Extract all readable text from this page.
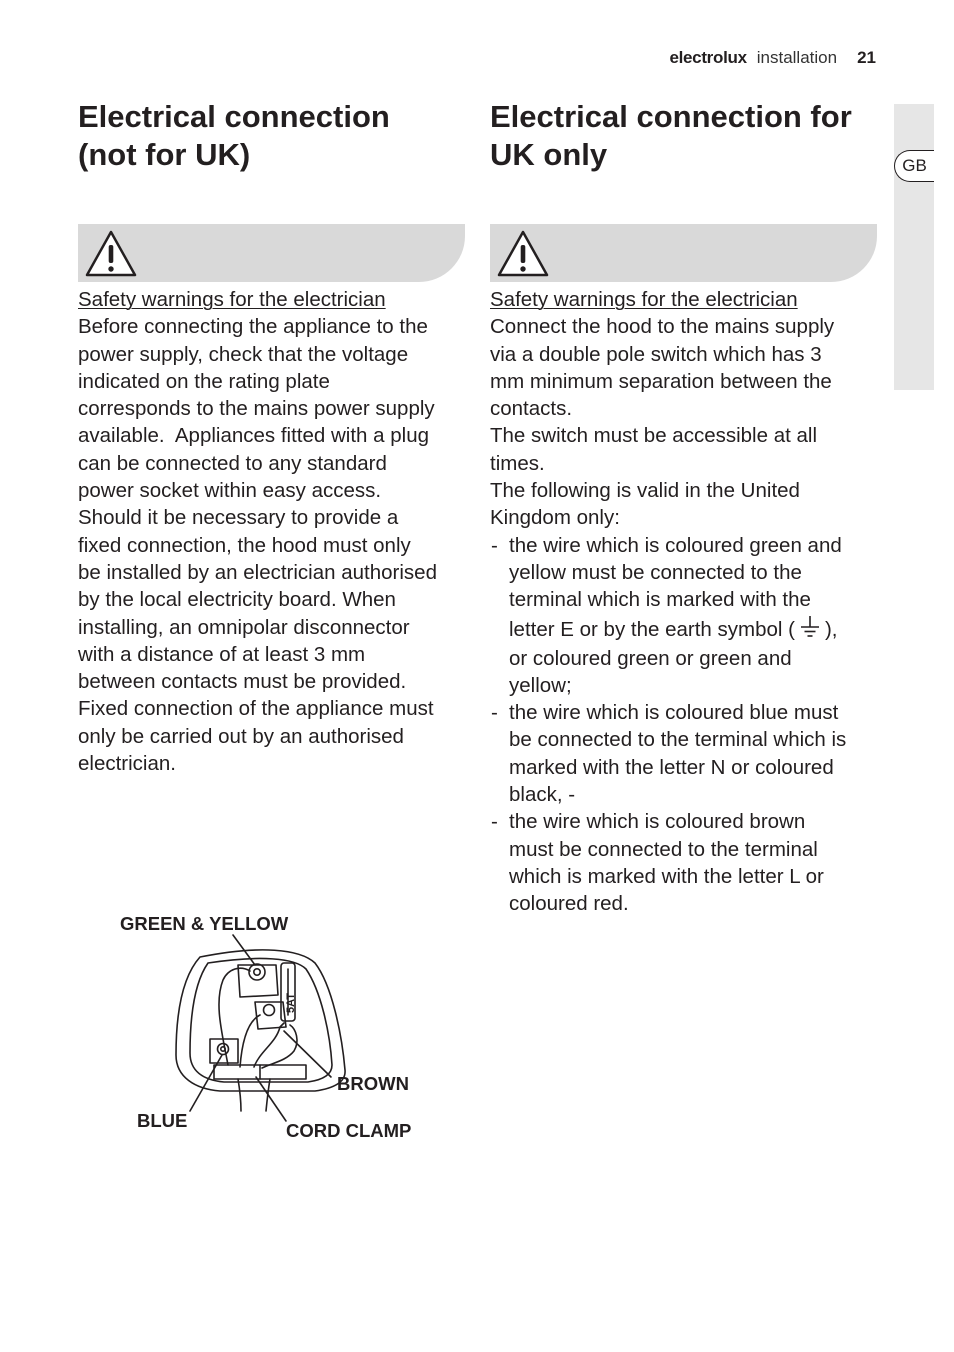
electrolux installation 21
GB
Electrical connection
(not for UK)
Safety warnings for the electrician
Before connecting the appliance to the
power supply, check that the voltage
indicated on the rating plate
corresponds to the mains power supply
available.  Appliances fitted with a plug
can be connected to any standard
power socket within easy access.
Should it be necessary to provide a
fixed connection, the hood must only
be installed by an electrician authorised
by the local electricity board. When
installing, an omnipolar disconnector
with a distance of at least 3 mm
between contacts must be provided.
Fixed connection of the appliance must
only be carried out by an authorised
electrician.
Electrical connection for
UK only
Safety warnings for the electrician
Connect the hood to the mains supply
via a double pole switch which has 3
mm minimum separation between the
contacts.
The switch must be accessible at all
times.
The following is valid in the United
Kingdom only:
- the wire which is coloured green and
yellow must be connected to the
terminal which is marked with the
letter E or by the earth symbol ( ),
or coloured green or green and
yellow;
- the wire which is coloured blue must
be connected to the terminal which is
marked with the letter N or coloured
black, -
- the wire which is coloured brown
must be connected to the terminal
which is marked with the letter L or
coloured red.
GREEN & YELLOW
BROWN
BLUE	CORD CLAMP
5AT
